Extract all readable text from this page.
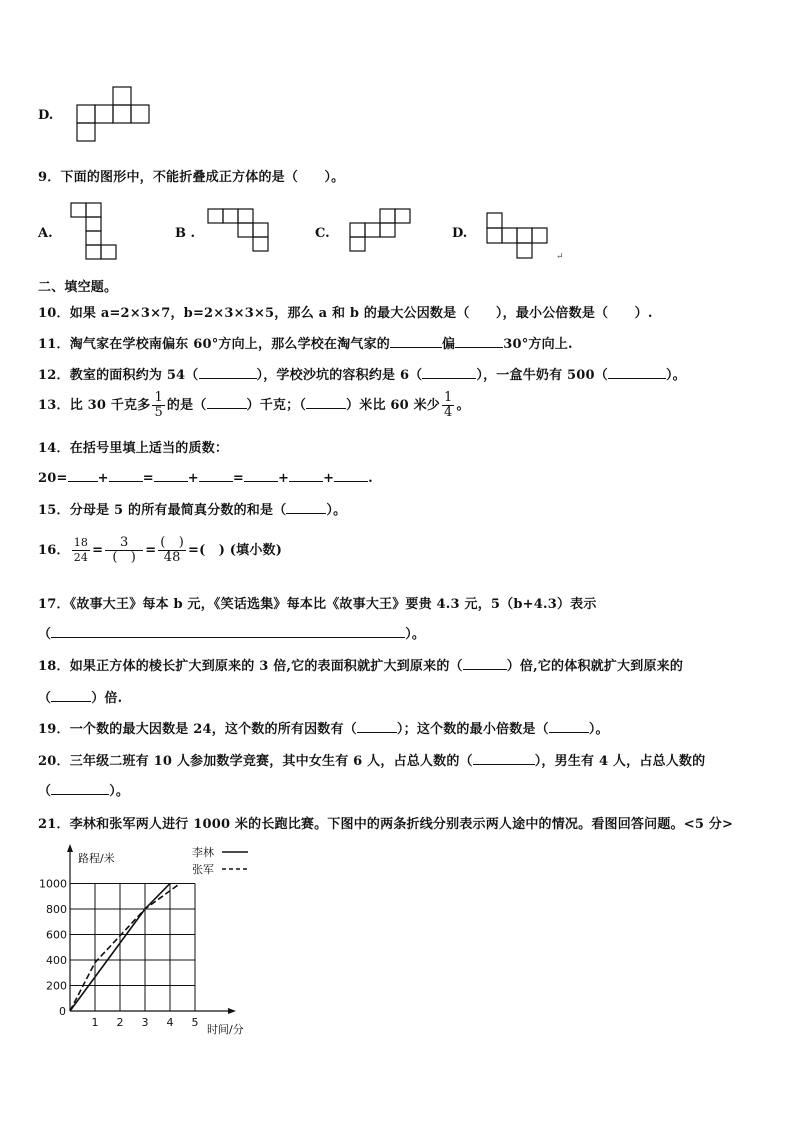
D.
9．下面的图形中，不能折叠成正方体的是（　　）。
A.	B .	C.	D.
↵
二、填空题。
10．如果 a=2×3×7，b=2×3×3×5，那么 a 和 b 的最大公因数是（　　），最小公倍数是（　　）.
11．淘气家在学校南偏东 60°方向上，那么学校在淘气家的	偏	30°方向上.
12．教室的面积约为 54（	），学校沙坑的容积约是 6（	），一盒牛奶有 500（	）。
13．比 30 千克多 $\frac{1}{5}$ 的是（	）千克；（	）米比 60 米少 $\frac{1}{4}$ 。
14．在括号里填上适当的质数：
20= +	=	+	=	+	+	.
15．分母是 5 的所有最简真分数的和是（	）。
16． $\frac{18}{24} = \frac{3}{( )} = \frac{( )}{48}$ =(　) (填小数)
17．《故事大王》每本 b 元，《笑话选集》每本比《故事大王》要贵 4.3 元，5（b+4.3）表示
（	）。
18．如果正方体的棱长扩大到原来的 3 倍,它的表面积就扩大到原来的（	）倍,它的体积就扩大到原来的
（	）倍.
19．一个数的最大因数是 24，这个数的所有因数有（	）；这个数的最小倍数是（	）。
20．三年级二班有 10 人参加数学竞赛，其中女生有 6 人，占总人数的（	），男生有 4 人，占总人数的
（	）。
21．李林和张军两人进行 1000 米的长跑比赛。下图中的两条折线分别表示两人途中的情况。看图回答问题。<5 分>
路程/米
时间/分
1 2 3 4 5
200
400
600
800
1000
0
李林
张军
